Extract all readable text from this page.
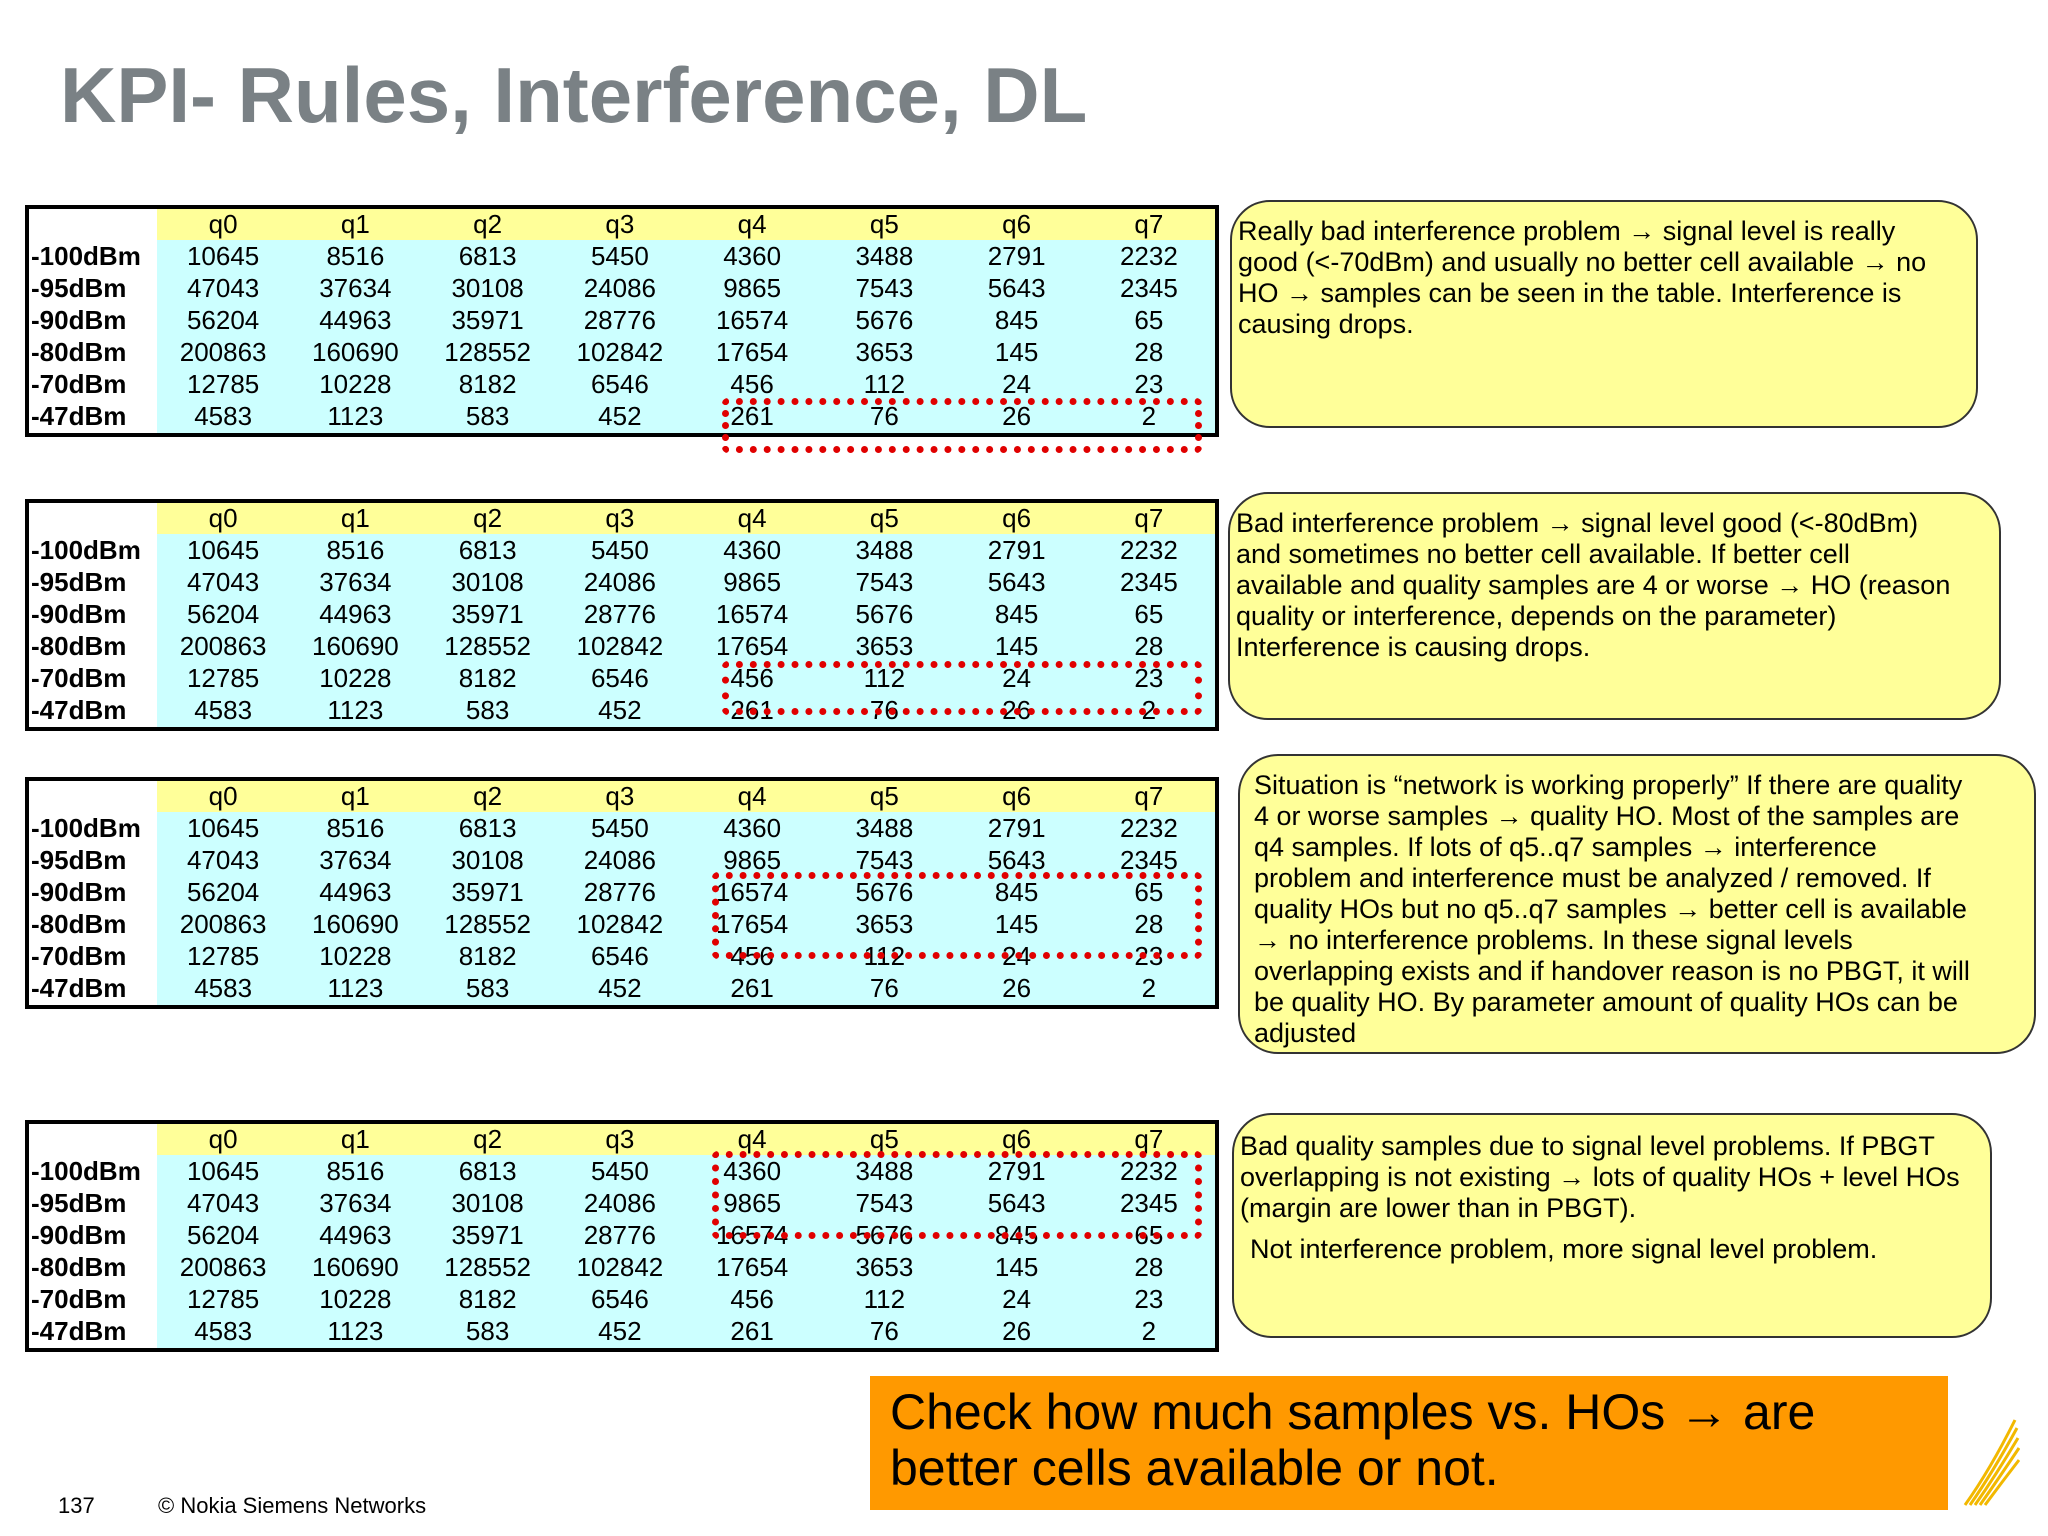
KPI- Rules, Interference, DL
	q0	q1	q2	q3	q4	q5	q6	q7
-100dBm	10645	8516	6813	5450	4360	3488	2791	2232
-95dBm	47043	37634	30108	24086	9865	7543	5643	2345
-90dBm	56204	44963	35971	28776	16574	5676	845	65
-80dBm	200863	160690	128552	102842	17654	3653	145	28
-70dBm	12785	10228	8182	6546	456	112	24	23
-47dBm	4583	1123	583	452	261	76	26	2
	q0	q1	q2	q3	q4	q5	q6	q7
-100dBm	10645	8516	6813	5450	4360	3488	2791	2232
-95dBm	47043	37634	30108	24086	9865	7543	5643	2345
-90dBm	56204	44963	35971	28776	16574	5676	845	65
-80dBm	200863	160690	128552	102842	17654	3653	145	28
-70dBm	12785	10228	8182	6546	456	112	24	23
-47dBm	4583	1123	583	452	261	76	26	2
	q0	q1	q2	q3	q4	q5	q6	q7
-100dBm	10645	8516	6813	5450	4360	3488	2791	2232
-95dBm	47043	37634	30108	24086	9865	7543	5643	2345
-90dBm	56204	44963	35971	28776	16574	5676	845	65
-80dBm	200863	160690	128552	102842	17654	3653	145	28
-70dBm	12785	10228	8182	6546	456	112	24	23
-47dBm	4583	1123	583	452	261	76	26	2
	q0	q1	q2	q3	q4	q5	q6	q7
-100dBm	10645	8516	6813	5450	4360	3488	2791	2232
-95dBm	47043	37634	30108	24086	9865	7543	5643	2345
-90dBm	56204	44963	35971	28776	16574	5676	845	65
-80dBm	200863	160690	128552	102842	17654	3653	145	28
-70dBm	12785	10228	8182	6546	456	112	24	23
-47dBm	4583	1123	583	452	261	76	26	2

Really bad interference problem → signal level is really

good (<-70dBm) and usually no better cell available → no

HO → samples can be seen in the table. Interference is

causing drops.

Bad interference problem → signal level good (<-80dBm)

and sometimes no better cell available. If better cell

available and quality samples are 4 or worse → HO (reason

quality or interference, depends on the parameter)

Interference is causing drops.

Situation is “network is working properly” If there are quality

4 or worse samples → quality HO. Most of the samples are

q4 samples. If lots of q5..q7 samples → interference

problem and interference must be analyzed / removed. If

quality HOs but no q5..q7 samples → better cell is available

→ no interference problems. In these signal levels

overlapping exists and if handover reason is no PBGT, it will

be quality HO. By parameter amount of quality HOs can be

adjusted

Bad quality samples due to signal level problems. If PBGT

overlapping is not existing → lots of quality HOs + level HOs

(margin are lower than in PBGT).

Not interference problem, more signal level problem.

Check how much samples vs. HOs → are
better cells available or not.
137	© Nokia Siemens Networks
